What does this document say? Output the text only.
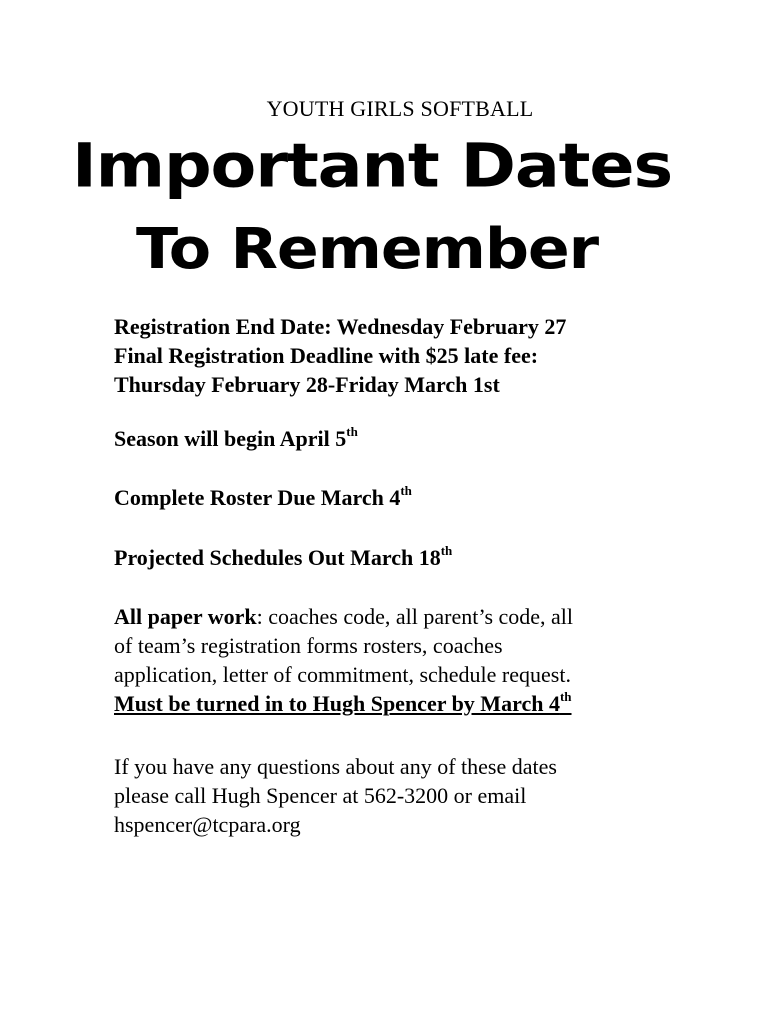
YOUTH GIRLS SOFTBALL
Important Dates
To Remember
Registration End Date: Wednesday February 27
Final Registration Deadline with $25 late fee:
Thursday February 28-Friday March 1st
Season will begin April 5th
Complete Roster Due March 4th
Projected Schedules Out March 18th
All paper work: coaches code, all parent’s code, all
of team’s registration forms rosters, coaches
application, letter of commitment, schedule request.
Must be turned in to Hugh Spencer by March 4th
If you have any questions about any of these dates
please call Hugh Spencer at 562-3200 or email
hspencer@tcpara.org
